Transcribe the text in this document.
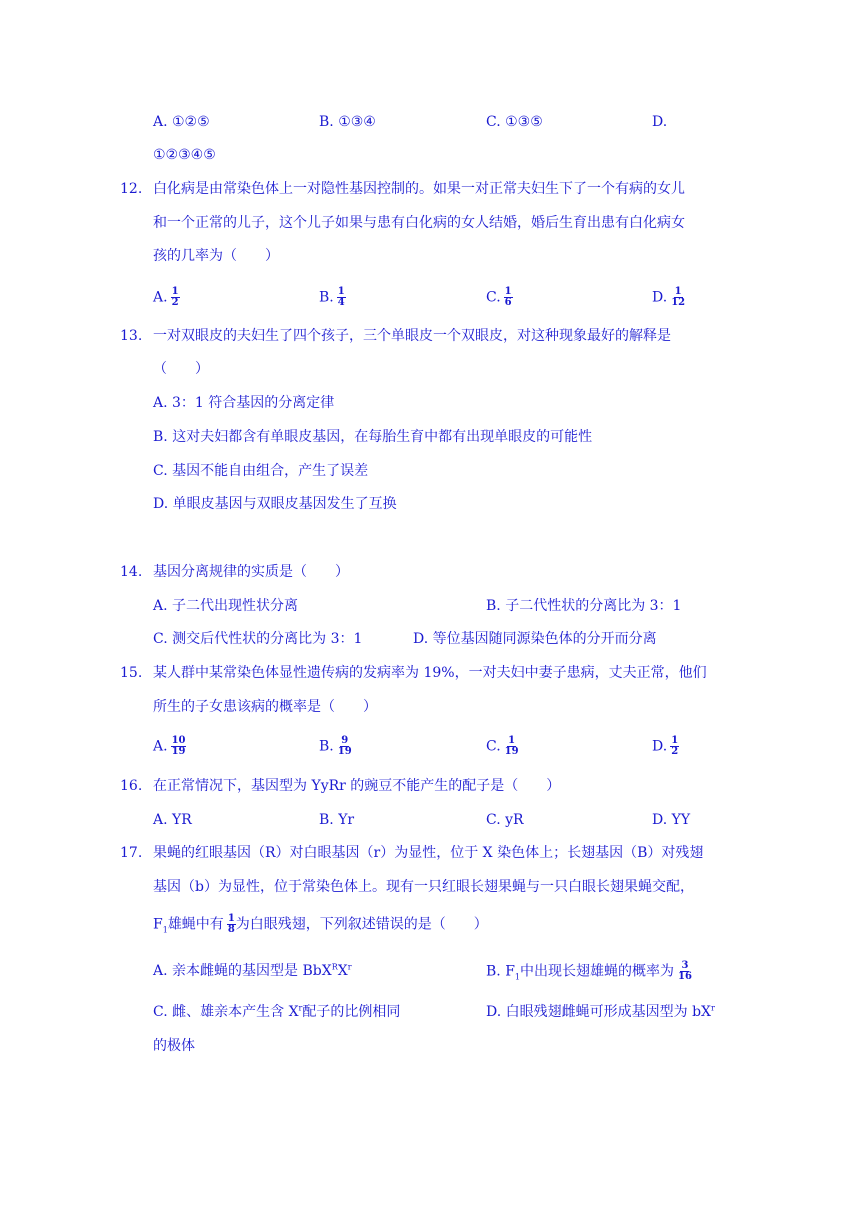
A. ①②⑤	B. ①③④	C. ①③⑤	D.
①②③④⑤
12. 白化病是由常染色体上一对隐性基因控制的。如果一对正常夫妇生下了一个有病的女儿
和一个正常的儿子，这个儿子如果与患有白化病的女人结婚，婚后生育出患有白化病女
孩的几率为（　　）
A. $\frac{1}{2}$	B. $\frac{1}{4}$	C. $\frac{1}{6}$	D. $\frac{1}{12}$
13. 一对双眼皮的夫妇生了四个孩子，三个单眼皮一个双眼皮，对这种现象最好的解释是
（　　）
A. 3：1 符合基因的分离定律
B. 这对夫妇都含有单眼皮基因，在每胎生育中都有出现单眼皮的可能性
C. 基因不能自由组合，产生了误差
D. 单眼皮基因与双眼皮基因发生了互换
14. 基因分离规律的实质是（　　）
A. 子二代出现性状分离	B. 子二代性状的分离比为 3：1
C. 测交后代性状的分离比为 3：1	D. 等位基因随同源染色体的分开而分离
15. 某人群中某常染色体显性遗传病的发病率为 19%，一对夫妇中妻子患病，丈夫正常，他们
所生的子女患该病的概率是（　　）
A. $\frac{10}{19}$	B. $\frac{9}{19}$	C. $\frac{1}{19}$	D. $\frac{1}{2}$
16. 在正常情况下，基因型为 YyRr 的豌豆不能产生的配子是（　　）
A. YR	B. Yr	C. yR	D. YY
17. 果蝇的红眼基因（R）对白眼基因（r）为显性，位于 X 染色体上；长翅基因（B）对残翅
基因（b）为显性，位于常染色体上。现有一只红眼长翅果蝇与一只白眼长翅果蝇交配，
$F_1$雄蝇中有 $\frac{1}{8}$ 为白眼残翅，下列叙述错误的是（　　）
A. 亲本雌蝇的基因型是 $BbX^RX^r$	B. $F_1$中出现长翅雄蝇的概率为 $\frac{3}{16}$
C. 雌、雄亲本产生含 $X^r$配子的比例相同	D. 白眼残翅雌蝇可形成基因型为 $bX^r$
的极体
